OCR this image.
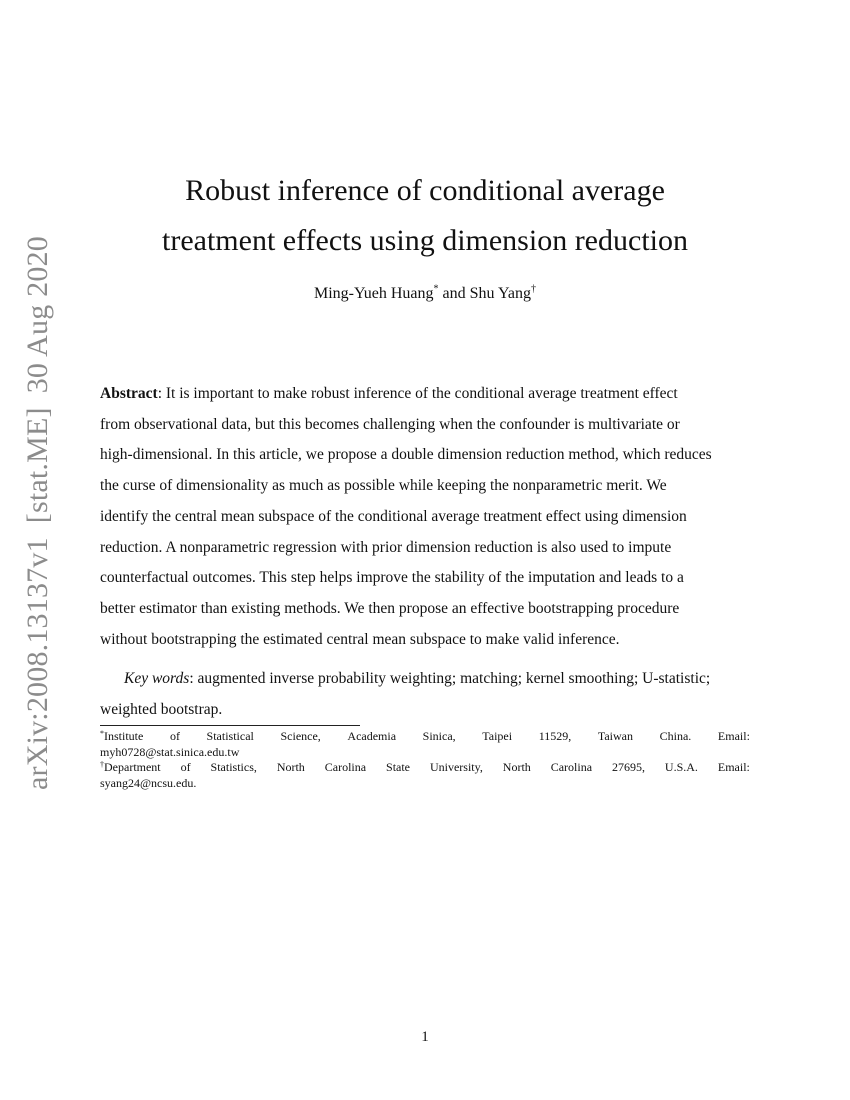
arXiv:2008.13137v1[stat.ME]30 Aug 2020
Robust inference of conditional average
treatment effects using dimension reduction
Ming-Yueh Huang* and Shu Yang†

Abstract: It is important to make robust inference of the conditional average treatment effect
from observational data, but this becomes challenging when the confounder is multivariate or
high-dimensional. In this article, we propose a double dimension reduction method, which reduces
the curse of dimensionality as much as possible while keeping the nonparametric merit. We
identify the central mean subspace of the conditional average treatment effect using dimension
reduction. A nonparametric regression with prior dimension reduction is also used to impute
counterfactual outcomes. This step helps improve the stability of the imputation and leads to a
better estimator than existing methods. We then propose an effective bootstrapping procedure
without bootstrapping the estimated central mean subspace to make valid inference.

Key words: augmented inverse probability weighting; matching; kernel smoothing; U-statistic;
weighted bootstrap.
*Institute of Statistical Science, Academia Sinica, Taipei 11529, Taiwan China. Email:
myh0728@stat.sinica.edu.tw
†Department of Statistics, North Carolina State University, North Carolina 27695, U.S.A. Email:
syang24@ncsu.edu.
1
